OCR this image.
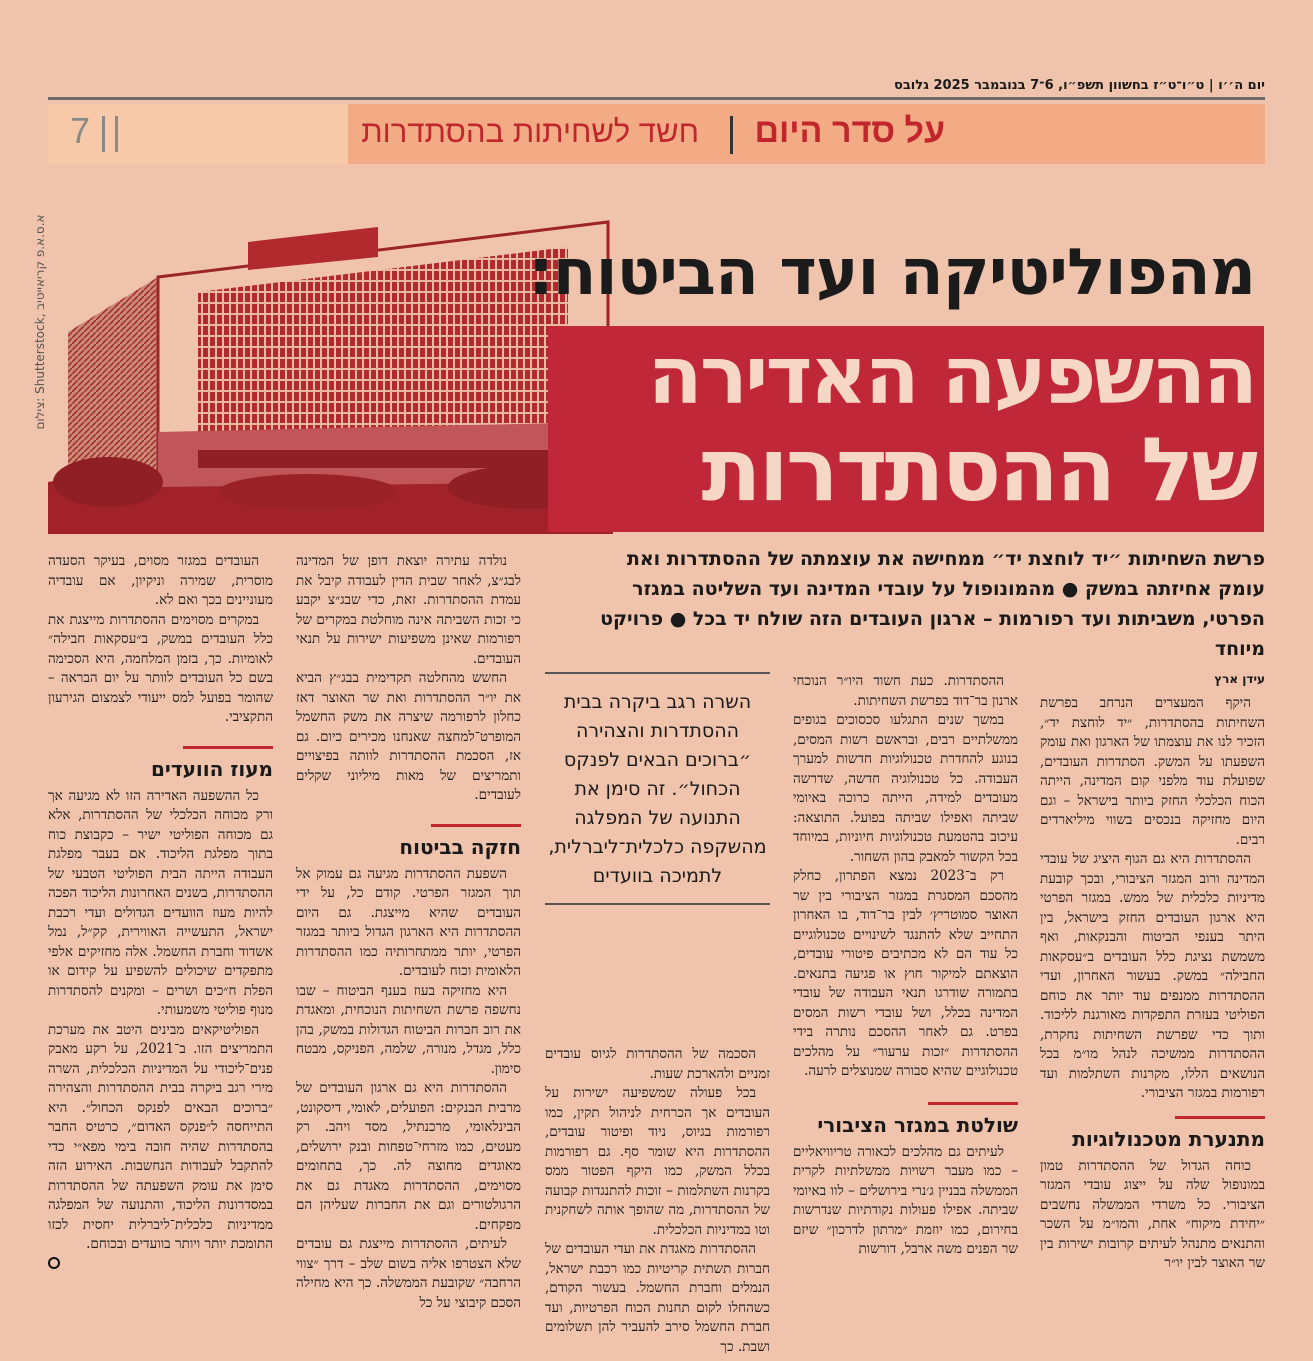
יום ה׳׳ו | ט״ו־ט״ז בחשוון תשפ״ו, 6־7 בנובמבר 2025 גלובס
7	על סדר היום
חשד לשחיתות בהסתדרות
צילום: Shutterstock, א.ס.א.פ קריאייטיב	מהפוליטיקה ועד הביטוח:
ההשפעה האדירה
של ההסתדרות
פרשת השחיתות ״יד לוחצת יד״ ממחישה את עוצמתה של ההסתדרות ואת עומק אחיזתה במשק ● מהמונופול על עובדי המדינה ועד השליטה במגזר הפרטי, משביתות ועד רפורמות – ארגון העובדים הזה שולח יד בכל ● פרויקט מיוחד
עידן ארץ

היקף המעצרים הנרחב בפרשת השחיתות בהסתדרות, ״יד לוחצת יד״, הזכיר לנו את עוצמתו של הארגון ואת עומק השפעתו על המשק. הסתדרות העובדים, שפועלת עוד מלפני קום המדינה, הייתה הכוח הכלכלי החזק ביותר בישראל – וגם היום מחזיקה בנכסים בשווי מיליארדים רבים.

ההסתדרות היא גם הגוף היציג של עובדי המדינה ורוב המגזר הציבורי, ובכך קובעת מדיניות כלכלית של ממש. במגזר הפרטי היא ארגון העובדים החזק בישראל, בין היתר בענפי הביטוח והבנקאות, ואף משמשת נציגת כלל העובדים ב״עסקאות החבילה״ במשק. בעשור האחרון, ועדי ההסתדרות ממנפים עוד יותר את כוחם הפוליטי בעזרת התפקדות מאורגנת לליכוד. ותוך כדי שפרשת השחיתות נחקרת, ההסתדרות ממשיכה לנהל מו״מ בכל הנושאים הללו, מקרנות השתלמות ועד רפורמות במגזר הציבורי.

מתנערת מטכנולוגיות

כוחה הגדול של ההסתדרות טמון במונופול שלה על ייצוג עובדי המגזר הציבורי. כל משרדי הממשלה נחשבים ״יחידת מיקוח״ אחת, והמו״מ על השכר והתנאים מתנהל לעיתים קרובות ישירות בין שר האוצר לבין יו״ר

ההסתדרות. כעת חשוד היו״ר הנוכחי ארנון בר־דוד בפרשת השחיתות.

במשך שנים התגלעו סכסוכים בגופים ממשלתיים רבים, ובראשם רשות המסים, בנוגע להחדרת טכנולוגיות חדשות למערך העבודה. כל טכנולוגיה חדשה, שדרשה מעובדים למידה, הייתה כרוכה באיומי שביתה ואפילו שביתה בפועל. התוצאה: עיכוב בהטמעת טכנולוגיות חיוניות, במיוחד בכל הקשור למאבק בהון השחור.

רק ב־2023 נמצא הפתרון, כחלק מהסכם המסגרת במגזר הציבורי בין שר האוצר סמוטריץ׳ לבין בר־דוד, בו האחרון התחייב שלא להתנגד לשינויים טכנולוגיים כל עוד הם לא מכתיבים פיטורי עובדים, הוצאתם למיקור חוץ או פגיעה בתנאים. בתמורה שודרגו תנאי העבודה של עובדי המדינה בכלל, ושל עובדי רשות המסים בפרט. גם לאחר ההסכם נותרה בידי ההסתדרות ״זכות ערעור״ על מהלכים טכנולוגיים שהיא סבורה שמנוצלים לרעה.

שולטת במגזר הציבורי

לעיתים גם מהלכים לכאורה טריוויאליים – כמו מעבר רשויות ממשלתיות לקרית הממשלה בבניין ג׳נרי בירושלים – לוו באיומי שביתה. אפילו פעולות נקודתיות שנדרשות בחירום, כמו יוזמת ״מרתון לדרכון״ שיזם שר הפנים משה ארבל, דורשות

השרה רגב ביקרה בבית ההסתדרות והצהירה ״ברוכים הבאים לפנקס הכחול״. זה סימן את התנועה של המפלגה מהשקפה כלכלית־ליברלית, לתמיכה בוועדים

הסכמה של ההסתדרות לגיוס עובדים זמניים ולהארכת שעות.

בכל פעולה שמשפיעה ישירות על העובדים אך הכרחית לניהול תקין, כמו רפורמות בגיוס, ניוד ופיטור עובדים, ההסתדרות היא שומר סף. גם רפורמות בכלל המשק, כמו היקף הפטור ממס בקרנות השתלמות – זוכות להתנגדות קבועה של ההסתדרות, מה שהופך אותה לשחקנית וטו במדיניות הכלכלית.

ההסתדרות מאגדת את ועדי העובדים של חברות תשתית קריטיות כמו רכבת ישראל, הנמלים וחברת החשמל. בעשור הקודם, כשהחלו לקום תחנות הכוח הפרטיות, ועד חברת החשמל סירב להעביר להן תשלומים ושבת. כך

נולדה עתירה יוצאת דופן של המדינה לבג״צ, לאחר שבית הדין לעבודה קיבל את עמדת ההסתדרות. זאת, כדי שבג״צ יקבע כי זכות השביתה אינה מוחלטת במקרים של רפורמות שאינן משפיעות ישירות על תנאי העובדים.

החשש מהחלטה תקדימית בבג״ץ הביא את יו״ר ההסתדרות ואת שר האוצר דאז כחלון לרפורמה שיצרה את משק החשמל המופרט־למחצה שאנחנו מכירים כיום. גם אז, הסכמת ההסתדרות לוותה בפיצויים ותמריצים של מאות מיליוני שקלים לעובדים.

חזקה בביטוח

השפעת ההסתדרות מגיעה גם עמוק אל תוך המגזר הפרטי. קודם כל, על ידי העובדים שהיא מייצגת. גם היום ההסתדרות היא הארגון הגדול ביותר במגזר הפרטי, יותר ממתחרותיה כמו ההסתדרות הלאומית וכוח לעובדים.

היא מחזיקה בעוז בענף הביטוח – שבו נחשפה פרשת השחיתות הנוכחית, ומאגדת את רוב חברות הביטוח הגדולות במשק, בהן כלל, מגדל, מנורה, שלמה, הפניקס, מבטח סימון.

ההסתדרות היא גם ארגון העובדים של מרבית הבנקים: הפועלים, לאומי, דיסקונט, הבינלאומי, מרכנתיל, מסד ויהב. רק מעטים, כמו מזרחי־טפחות ובנק ירושלים, מאוגדים מחוצה לה. כך, בתחומים מסוימים, ההסתדרות מאגדת גם את הרגולטורים וגם את החברות שעליהן הם מפקחים.

לעיתים, ההסתדרות מייצגת גם עובדים שלא הצטרפו אליה בשום שלב – דרך ״צווי הרחבה״ שקובעת הממשלה. כך היא מחילה הסכם קיבוצי על כל

העובדים במגזר מסוים, בעיקר הסעדה מוסרית, שמירה וניקיון, אם עובדיה מעוניינים בכך ואם לא.

במקרים מסוימים ההסתדרות מייצגת את כלל העובדים במשק, ב״עסקאות חבילה״ לאומיות. כך, בזמן המלחמה, היא הסכימה בשם כל העובדים לוותר על יום הבראה – שהומר בפועל למס ייעודי לצמצום הגירעון התקציבי.

מעוז הוועדים

כל ההשפעה האדירה הזו לא מגיעה אך ורק מכוחה הכלכלי של ההסתדרות, אלא גם מכוחה הפוליטי ישיר – כקבוצת כוח בתוך מפלגת הליכוד. אם בעבר מפלגת העבודה הייתה הבית הפוליטי הטבעי של ההסתדרות, בשנים האחרונות הליכוד הפכה להיות מעוז הוועדים הגדולים ועדי רכבת ישראל, התעשייה האווירית, קק״ל, נמל אשדוד וחברת החשמל. אלה מחזיקים אלפי מתפקדים שיכולים להשפיע על קידום או הפלת ח״כים ושרים – ומקנים להסתדרות מנוף פוליטי משמעותי.

הפוליטיקאים מבינים היטב את מערכת התמריצים הזו. ב־2021, על רקע מאבק פנים־ליכודי על המדיניות הכלכלית, השרה מירי רגב ביקרה בבית ההסתדרות והצהירה ״ברוכים הבאים לפנקס הכחול״. היא התייחסה ל״פנקס האדום״, כרטיס החבר בהסתדרות שהיה חובה בימי מפא״י כדי להתקבל לעבודות הנחשבות. האירוע הזה סימן את עומק השפעתה של ההסתדרות במסדרונות הליכוד, והתנועה של המפלגה ממדיניות כלכלית־ליברלית יחסית לכזו התומכת יותר ויותר בוועדים ובכוחם.
